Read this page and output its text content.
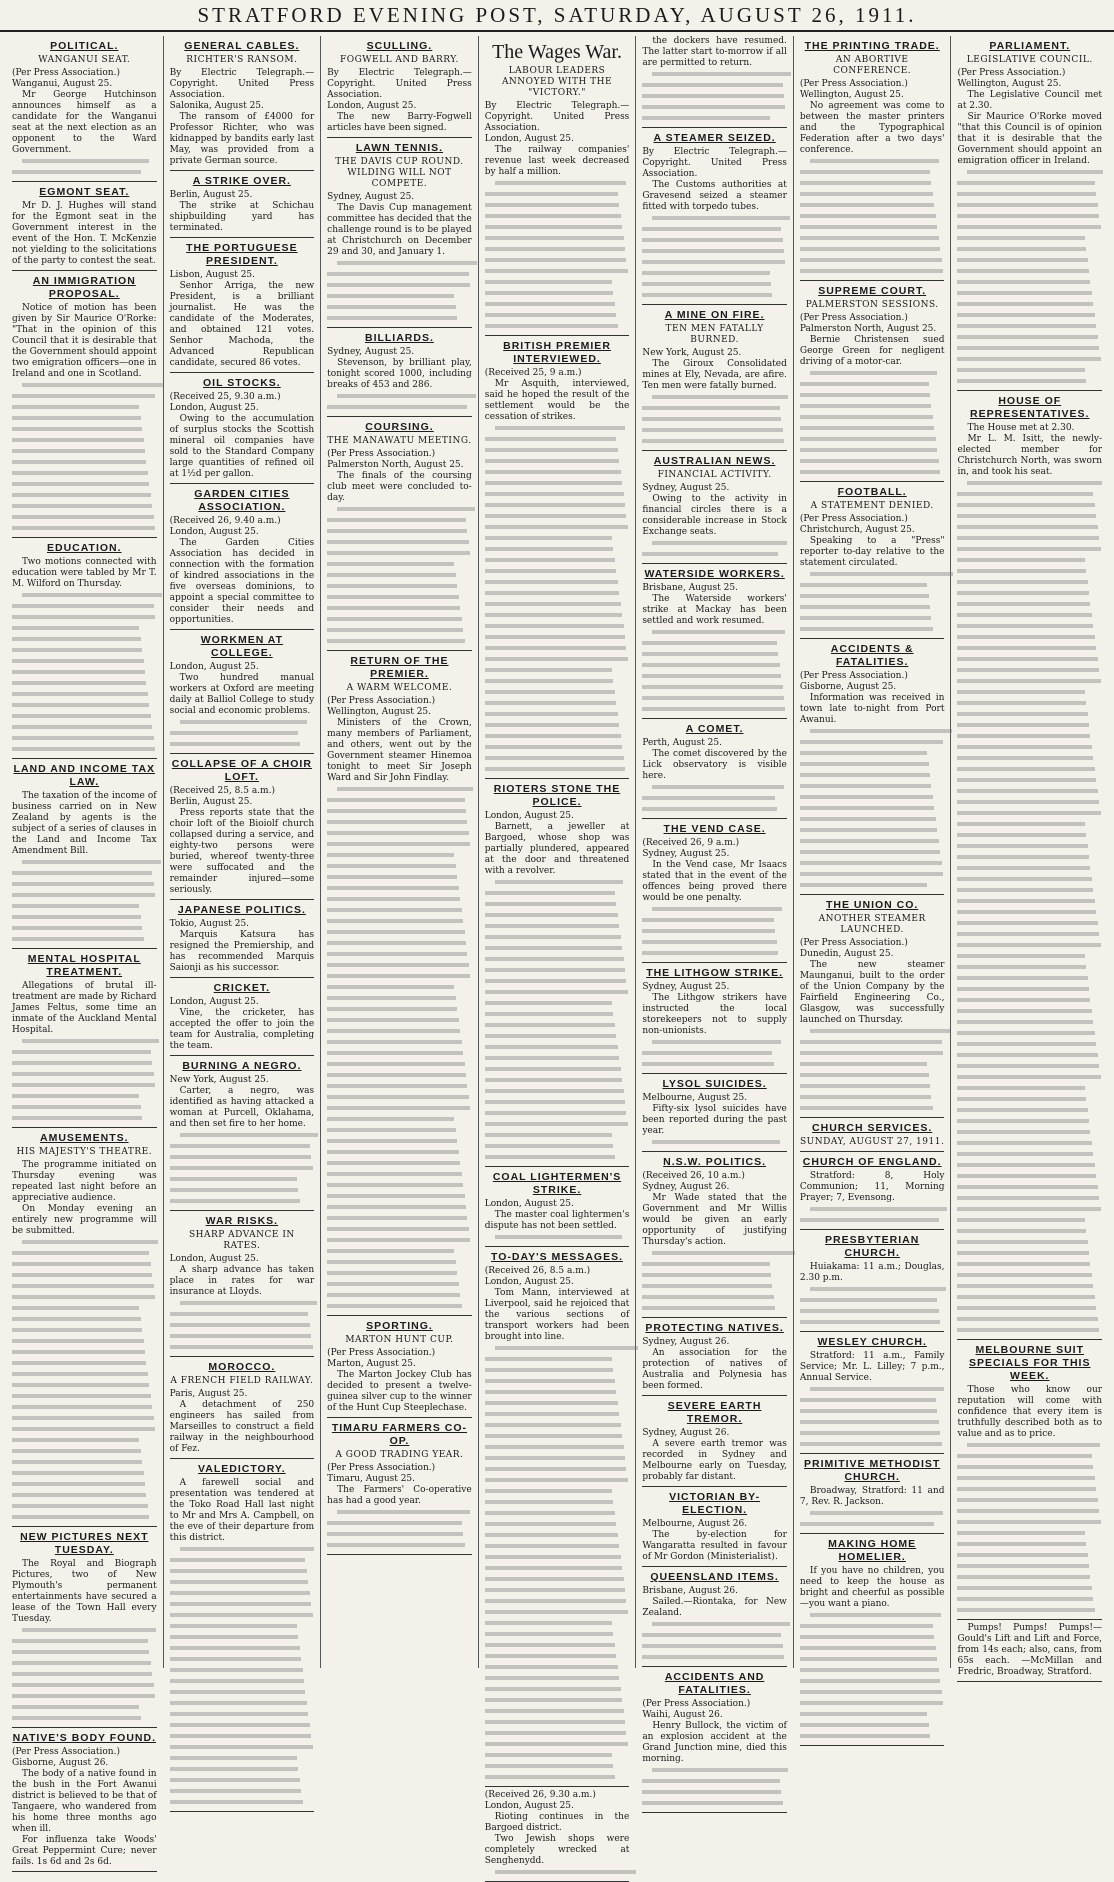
STRATFORD EVENING POST, SATURDAY, AUGUST 26, 1911.
POLITICAL.
WANGANUI SEAT.

(Per Press Association.)

Wanganui, August 25.

Mr George Hutchinson announces himself as a candidate for the Wanganui seat at the next election as an opponent to the Ward Government.

EGMONT SEAT.

Mr D. J. Hughes will stand for the Egmont seat in the Government interest in the event of the Hon. T. McKenzie not yielding to the solicitations of the party to contest the seat.

AN IMMIGRATION PROPOSAL.

Notice of motion has been given by Sir Maurice O'Rorke: "That in the opinion of this Council that it is desirable that the Government should appoint two emigration officers—one in Ireland and one in Scotland.

EDUCATION.

Two motions connected with education were tabled by Mr T. M. Wilford on Thursday.

LAND AND INCOME TAX LAW.

The taxation of the income of business carried on in New Zealand by agents is the subject of a series of clauses in the Land and Income Tax Amendment Bill.

MENTAL HOSPITAL TREATMENT.

Allegations of brutal ill-treatment are made by Richard James Feltus, some time an inmate of the Auckland Mental Hospital.

AMUSEMENTS.
HIS MAJESTY'S THEATRE.

The programme initiated on Thursday evening was repeated last night before an appreciative audience.

On Monday evening an entirely new programme will be submitted.

NEW PICTURES NEXT TUESDAY.

The Royal and Biograph Pictures, two of New Plymouth's permanent entertainments have secured a lease of the Town Hall every Tuesday.

NATIVE'S BODY FOUND.

(Per Press Association.)

Gisborne, August 26.

The body of a native found in the bush in the Fort Awanui district is believed to be that of Tangaere, who wandered from his home three months ago when ill.

For influenza take Woods' Great Peppermint Cure; never fails. 1s 6d and 2s 6d.

GENERAL CABLES.
RICHTER'S RANSOM.

By Electric Telegraph.—Copyright. United Press Association.

Salonika, August 25.

The ransom of £4000 for Professor Richter, who was kidnapped by bandits early last May, was provided from a private German source.

A STRIKE OVER.

Berlin, August 25.

The strike at Schichau shipbuilding yard has terminated.

THE PORTUGUESE PRESIDENT.

Lisbon, August 25.

Senhor Arriga, the new President, is a brilliant journalist. He was the candidate of the Moderates, and obtained 121 votes. Senhor Machoda, the Advanced Republican candidate, secured 86 votes.

OIL STOCKS.

(Received 25, 9.30 a.m.)

London, August 25.

Owing to the accumulation of surplus stocks the Scottish mineral oil companies have sold to the Standard Company large quantities of refined oil at 1½d per gallon.

GARDEN CITIES ASSOCIATION.

(Received 26, 9.40 a.m.)

London, August 25.

The Garden Cities Association has decided in connection with the formation of kindred associations in the five overseas dominions, to appoint a special committee to consider their needs and opportunities.

WORKMEN AT COLLEGE.

London, August 25.

Two hundred manual workers at Oxford are meeting daily at Balliol College to study social and economic problems.

COLLAPSE OF A CHOIR LOFT.

(Received 25, 8.5 a.m.)

Berlin, August 25.

Press reports state that the choir loft of the Bioiolf church collapsed during a service, and eighty-two persons were buried, whereof twenty-three were suffocated and the remainder injured—some seriously.

JAPANESE POLITICS.

Tokio, August 25.

Marquis Katsura has resigned the Premiership, and has recommended Marquis Saionji as his successor.

CRICKET.

London, August 25.

Vine, the cricketer, has accepted the offer to join the team for Australia, completing the team.

BURNING A NEGRO.

New York, August 25.

Carter, a negro, was identified as having attacked a woman at Purcell, Oklahama, and then set fire to her home.

WAR RISKS.
SHARP ADVANCE IN RATES.

London, August 25.

A sharp advance has taken place in rates for war insurance at Lloyds.

MOROCCO.
A FRENCH FIELD RAILWAY.

Paris, August 25.

A detachment of 250 engineers has sailed from Marseilles to construct a field railway in the neighbourhood of Fez.

VALEDICTORY.

A farewell social and presentation was tendered at the Toko Road Hall last night to Mr and Mrs A. Campbell, on the eve of their departure from this district.

SCULLING.
FOGWELL AND BARRY.

By Electric Telegraph.—Copyright. United Press Association.

London, August 25.

The new Barry-Fogwell articles have been signed.

LAWN TENNIS.
THE DAVIS CUP ROUND. WILDING WILL NOT COMPETE.

Sydney, August 25.

The Davis Cup management committee has decided that the challenge round is to be played at Christchurch on December 29 and 30, and January 1.

BILLIARDS.

Sydney, August 25.

Stevenson, by brilliant play, tonight scored 1000, including breaks of 453 and 286.

COURSING.
THE MANAWATU MEETING.

(Per Press Association.)

Palmerston North, August 25.

The finals of the coursing club meet were concluded to-day.

RETURN OF THE PREMIER.
A WARM WELCOME.

(Per Press Association.)

Wellington, August 25.

Ministers of the Crown, many members of Parliament, and others, went out by the Government steamer Hinemoa tonight to meet Sir Joseph Ward and Sir John Findlay.

SPORTING.
MARTON HUNT CUP.

(Per Press Association.)

Marton, August 25.

The Marton Jockey Club has decided to present a twelve-guinea silver cup to the winner of the Hunt Cup Steeplechase.

TIMARU FARMERS CO-OP.
A GOOD TRADING YEAR.

(Per Press Association.)

Timaru, August 25.

The Farmers' Co-operative has had a good year.

The Wages War.
LABOUR LEADERS ANNOYED WITH THE "VICTORY."

By Electric Telegraph.—Copyright. United Press Association.

London, August 25.

The railway companies' revenue last week decreased by half a million.

BRITISH PREMIER INTERVIEWED.

(Received 25, 9 a.m.)

Mr Asquith, interviewed, said he hoped the result of the settlement would be the cessation of strikes.

RIOTERS STONE THE POLICE.

London, August 25.

Barnett, a jeweller at Bargoed, whose shop was partially plundered, appeared at the door and threatened with a revolver.

COAL LIGHTERMEN'S STRIKE.

London, August 25.

The master coal lightermen's dispute has not been settled.

TO-DAY'S MESSAGES.

(Received 26, 8.5 a.m.)

London, August 25.

Tom Mann, interviewed at Liverpool, said he rejoiced that the various sections of transport workers had been brought into line.

(Received 26, 9.30 a.m.)

London, August 25.

Rioting continues in the Bargoed district.

Two Jewish shops were completely wrecked at Senghenydd.

the dockers have resumed. The latter start to-morrow if all are permitted to return.

A STEAMER SEIZED.

By Electric Telegraph.—Copyright. United Press Association.

The Customs authorities at Gravesend seized a steamer fitted with torpedo tubes.

A MINE ON FIRE.
TEN MEN FATALLY BURNED.

New York, August 25.

The Giroux Consolidated mines at Ely, Nevada, are afire. Ten men were fatally burned.

AUSTRALIAN NEWS.
FINANCIAL ACTIVITY.

Sydney, August 25.

Owing to the activity in financial circles there is a considerable increase in Stock Exchange seats.

WATERSIDE WORKERS.

Brisbane, August 25.

The Waterside workers' strike at Mackay has been settled and work resumed.

A COMET.

Perth, August 25.

The comet discovered by the Lick observatory is visible here.

THE VEND CASE.

(Received 26, 9 a.m.)

Sydney, August 25.

In the Vend case, Mr Isaacs stated that in the event of the offences being proved there would be one penalty.

THE LITHGOW STRIKE.

Sydney, August 25.

The Lithgow strikers have instructed the local storekeepers not to supply non-unionists.

LYSOL SUICIDES.

Melbourne, August 25.

Fifty-six lysol suicides have been reported during the past year.

N.S.W. POLITICS.

(Received 26, 10 a.m.)

Sydney, August 26.

Mr Wade stated that the Government and Mr Willis would be given an early opportunity of justifying Thursday's action.

PROTECTING NATIVES.

Sydney, August 26.

An association for the protection of natives of Australia and Polynesia has been formed.

SEVERE EARTH TREMOR.

Sydney, August 26.

A severe earth tremor was recorded in Sydney and Melbourne early on Tuesday, probably far distant.

VICTORIAN BY-ELECTION.

Melbourne, August 26.

The by-election for Wangaratta resulted in favour of Mr Gordon (Ministerialist).

QUEENSLAND ITEMS.

Brisbane, August 26.

Sailed.—Riontaka, for New Zealand.

ACCIDENTS AND FATALITIES.

(Per Press Association.)

Waihi, August 26.

Henry Bullock, the victim of an explosion accident at the Grand Junction mine, died this morning.

THE PRINTING TRADE.
AN ABORTIVE CONFERENCE.

(Per Press Association.)

Wellington, August 25.

No agreement was come to between the master printers and the Typographical Federation after a two days' conference.

SUPREME COURT.
PALMERSTON SESSIONS.

(Per Press Association.)

Palmerston North, August 25.

Bernie Christensen sued George Green for negligent driving of a motor-car.

FOOTBALL.
A STATEMENT DENIED.

(Per Press Association.)

Christchurch, August 25.

Speaking to a "Press" reporter to-day relative to the statement circulated.

ACCIDENTS & FATALITIES.

(Per Press Association.)

Gisborne, August 25.

Information was received in town late to-night from Port Awanui.

THE UNION CO.
ANOTHER STEAMER LAUNCHED.

(Per Press Association.)

Dunedin, August 25.

The new steamer Maunganui, built to the order of the Union Company by the Fairfield Engineering Co., Glasgow, was successfully launched on Thursday.

CHURCH SERVICES.
SUNDAY, AUGUST 27, 1911.
CHURCH OF ENGLAND.

Stratford: 8, Holy Communion; 11, Morning Prayer; 7, Evensong.

PRESBYTERIAN CHURCH.

Huiakama: 11 a.m.; Douglas, 2.30 p.m.

WESLEY CHURCH.

Stratford: 11 a.m., Family Service; Mr. L. Lilley; 7 p.m., Annual Service.

PRIMITIVE METHODIST CHURCH.

Broadway, Stratford: 11 and 7, Rev. R. Jackson.

MAKING HOME HOMELIER.

If you have no children, you need to keep the house as bright and cheerful as possible—you want a piano.

PARLIAMENT.
LEGISLATIVE COUNCIL.

(Per Press Association.)

Wellington, August 25.

The Legislative Council met at 2.30.

Sir Maurice O'Rorke moved "that this Council is of opinion that it is desirable that the Government should appoint an emigration officer in Ireland.

HOUSE OF REPRESENTATIVES.

The House met at 2.30.

Mr L. M. Isitt, the newly-elected member for Christchurch North, was sworn in, and took his seat.

MELBOURNE SUIT SPECIALS FOR THIS WEEK.

Those who know our reputation will come with confidence that every item is truthfully described both as to value and as to price.

Pumps! Pumps! Pumps!—Gould's Lift and Lift and Force, from 14s each; also, cans, from 65s each. —McMillan and Fredric, Broadway, Stratford.
